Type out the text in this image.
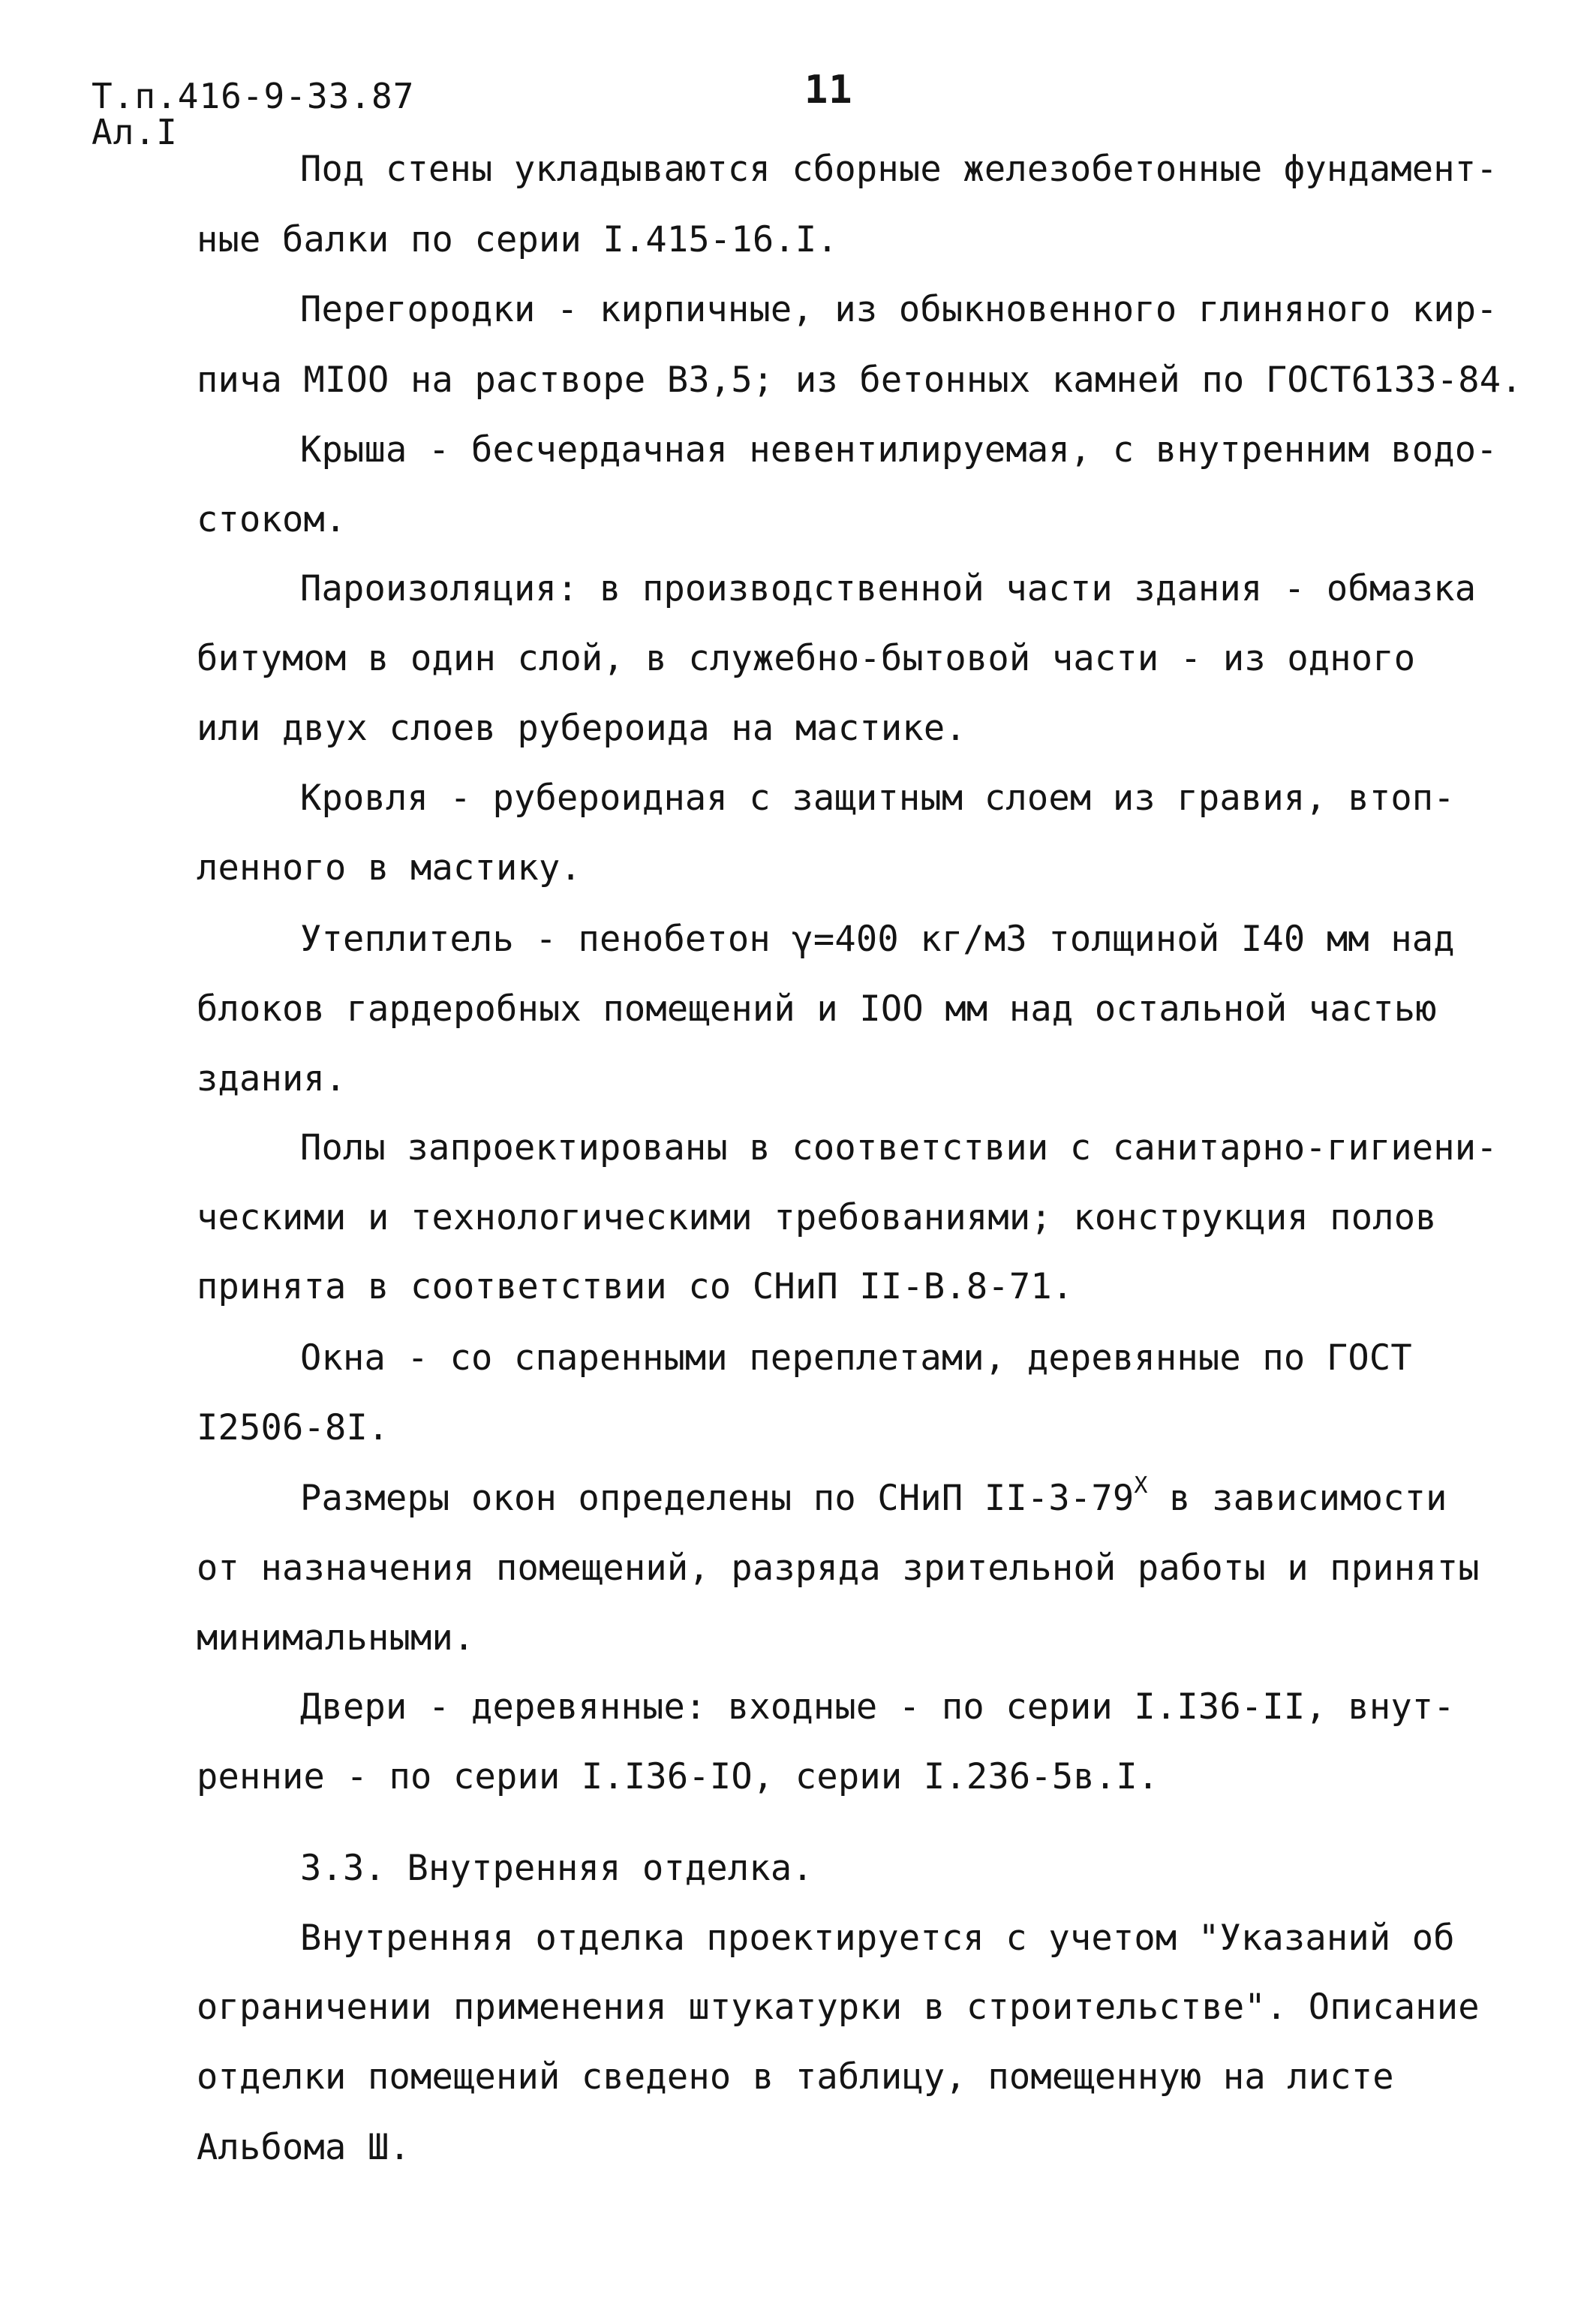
Т.п.416-9-33.87
Ал.I
11
Под стены укладываются сборные железобетонные фундамент-
ные балки по серии I.415-16.I.
Перегородки - кирпичные, из обыкновенного глиняного кир-
пича MIOO на растворе B3,5; из бетонных камней по ГОСТ6133-84.
Крыша - бесчердачная невентилируемая, с внутренним водо-
стоком.
Пароизоляция: в производственной части здания - обмазка
битумом в один слой, в служебно-бытовой части - из одного
или двух слоев рубероида на мастике.
Кровля - рубероидная с защитным слоем из гравия, втоп-
ленного в мастику.
Утеплитель - пенобетон γ=400 кг/м3 толщиной I40 мм над
блоков гардеробных помещений и IOO мм над остальной частью
здания.
Полы запроектированы в соответствии с санитарно-гигиени-
ческими и технологическими требованиями; конструкция полов
принята в соответствии со СНиП II-B.8-71.
Окна - со спаренными переплетами, деревянные по ГОСТ
I2506-8I.
Размеры окон определены по СНиП $II-3-79^X$ в зависимости
от назначения помещений, разряда зрительной работы и приняты
минимальными.
Двери - деревянные: входные - по серии I.I36-II, внут-
ренние - по серии I.I36-IO, серии I.236-5в.I.
3.3. Внутренняя отделка.
Внутренняя отделка проектируется с учетом "Указаний об
ограничении применения штукатурки в строительстве". Описание
отделки помещений сведено в таблицу, помещенную на листе
Альбома Ш.
